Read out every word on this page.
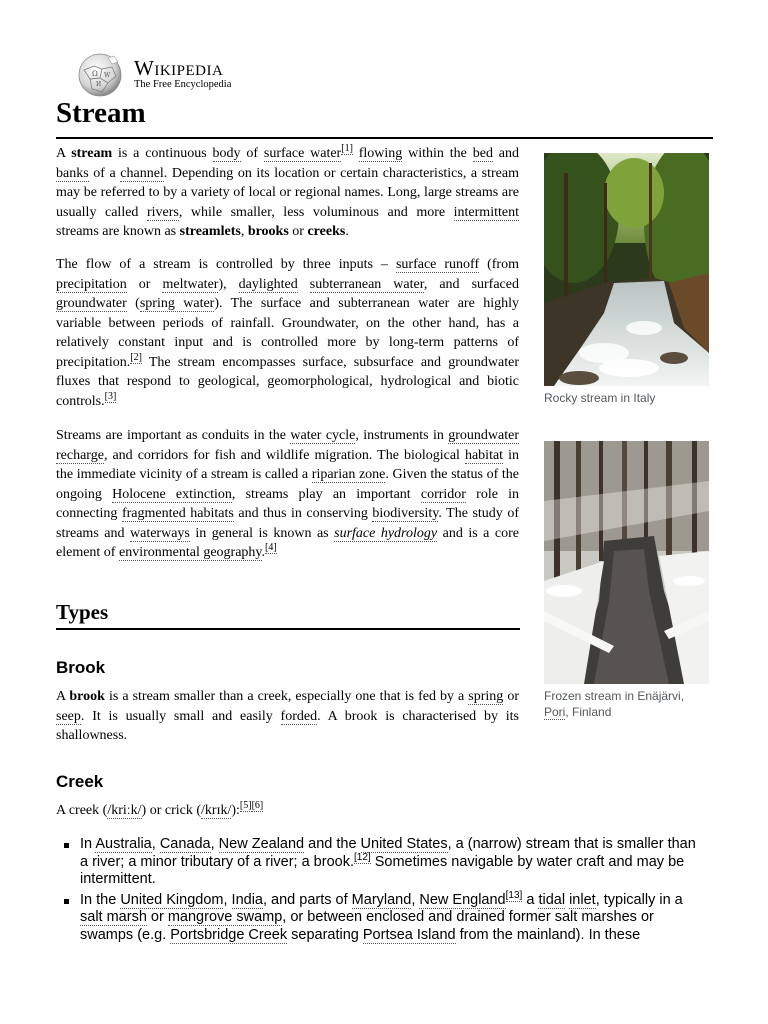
Ω W
И
Wikipedia
The Free Encyclopedia
Stream

A stream is a continuous body of surface water[1] flowing within the bed and banks of a channel. Depending on its location or certain characteristics, a stream may be referred to by a variety of local or regional names. Long, large streams are usually called rivers, while smaller, less voluminous and more intermittent streams are known as streamlets, brooks or creeks.

The flow of a stream is controlled by three inputs – surface runoff (from precipitation or meltwater), daylighted subterranean water, and surfaced groundwater (spring water). The surface and subterranean water are highly variable between periods of rainfall. Groundwater, on the other hand, has a relatively constant input and is controlled more by long-term patterns of precipitation.[2] The stream encompasses surface, subsurface and groundwater fluxes that respond to geological, geomorphological, hydrological and biotic controls.[3]

Streams are important as conduits in the water cycle, instruments in groundwater recharge, and corridors for fish and wildlife migration. The biological habitat in the immediate vicinity of a stream is called a riparian zone. Given the status of the ongoing Holocene extinction, streams play an important corridor role in connecting fragmented habitats and thus in conserving biodiversity. The study of streams and waterways in general is known as surface hydrology and is a core element of environmental geography.[4]

Types
Brook

A brook is a stream smaller than a creek, especially one that is fed by a spring or seep. It is usually small and easily forded. A brook is characterised by its shallowness.

Creek

A creek (/kriːk/) or crick (/krɪk/):[5][6]

In Australia, Canada, New Zealand and the United States, a (narrow) stream that is smaller than a river; a minor tributary of a river; a brook.[12] Sometimes navigable by water craft and may be intermittent.
In the United Kingdom, India, and parts of Maryland, New England[13] a tidal inlet, typically in a salt marsh or mangrove swamp, or between enclosed and drained former salt marshes or swamps (e.g. Portsbridge Creek separating Portsea Island from the mainland). In these
Rocky stream in Italy
Frozen stream in Enäjärvi, Pori, Finland
